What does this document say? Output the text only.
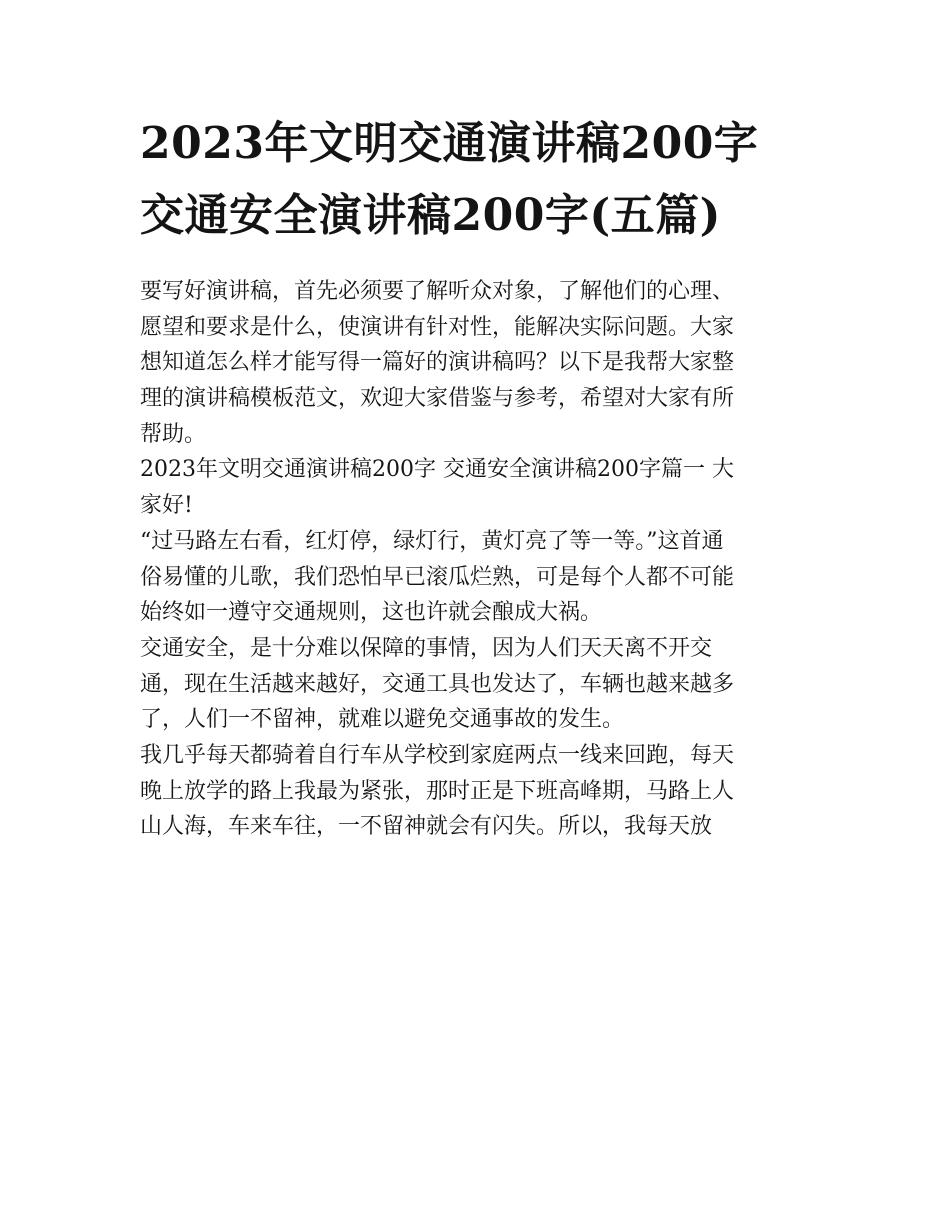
2023年文明交通演讲稿200字
交通安全演讲稿200字(五篇)
要写好演讲稿，首先必须要了解听众对象，了解他们的心理、
愿望和要求是什么，使演讲有针对性，能解决实际问题。大家
想知道怎么样才能写得一篇好的演讲稿吗？以下是我帮大家整
理的演讲稿模板范文，欢迎大家借鉴与参考，希望对大家有所
帮助。
2023年文明交通演讲稿200字 交通安全演讲稿200字篇一 大
家好!
“过马路左右看，红灯停，绿灯行，黄灯亮了等一等。”这首通
俗易懂的儿歌，我们恐怕早已滚瓜烂熟，可是每个人都不可能
始终如一遵守交通规则，这也许就会酿成大祸。
交通安全，是十分难以保障的事情，因为人们天天离不开交
通，现在生活越来越好，交通工具也发达了，车辆也越来越多
了，人们一不留神，就难以避免交通事故的发生。
我几乎每天都骑着自行车从学校到家庭两点一线来回跑，每天
晚上放学的路上我最为紧张，那时正是下班高峰期，马路上人
山人海，车来车往，一不留神就会有闪失。所以，我每天放
